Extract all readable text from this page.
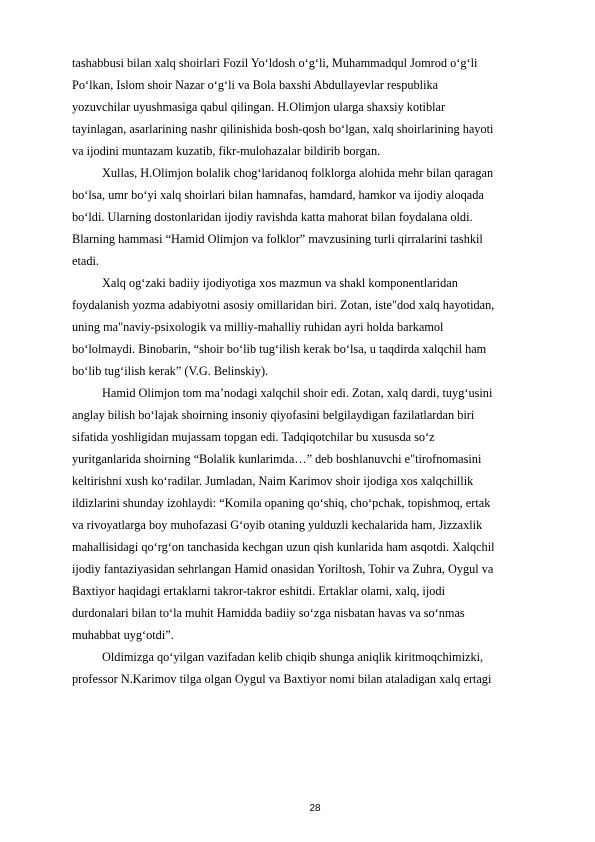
tashabbusi bilan xalq shoirlari Fozil Yo‘ldosh o‘g‘li, Muhammadqul Jomrod o‘g‘li
Po‘lkan, Islom shoir Nazar o‘g‘li va Bola baxshi Abdullayevlar respublika
yozuvchilar uyushmasiga qabul qilingan. H.Olimjon ularga shaxsiy kotiblar
tayinlagan, asarlarining nashr qilinishida bosh-qosh bo‘lgan, xalq shoirlarining hayoti
va ijodini muntazam kuzatib, fikr-mulohazalar bildirib borgan.
Xullas, H.Olimjon bolalik chog‘laridanoq folklorga alohida mehr bilan qaragan
bo‘lsa, umr bo‘yi xalq shoirlari bilan hamnafas, hamdard, hamkor va ijodiy aloqada
bo‘ldi. Ularning dostonlaridan ijodiy ravishda katta mahorat bilan foydalana oldi.
Blarning hammasi “Hamid Olimjon va folklor” mavzusining turli qirralarini tashkil
etadi.
Xalq og‘zaki badiiy ijodiyotiga xos mazmun va shakl komponentlaridan
foydalanish yozma adabiyotni asosiy omillaridan biri. Zotan, iste"dod xalq hayotidan,
uning ma"naviy-psixologik va milliy-mahalliy ruhidan ayri holda barkamol
bo‘lolmaydi. Binobarin, “shoir bo‘lib tug‘ilish kerak bo‘lsa, u taqdirda xalqchil ham
bo‘lib tug‘ilish kerak” (V.G. Belinskiy).
Hamid Olimjon tom ma’nodagi xalqchil shoir edi. Zotan, xalq dardi, tuyg‘usini
anglay bilish bo‘lajak shoirning insoniy qiyofasini belgilaydigan fazilatlardan biri
sifatida yoshligidan mujassam topgan edi. Tadqiqotchilar bu xususda so‘z
yuritganlarida shoirning “Bolalik kunlarimda…” deb boshlanuvchi e"tirofnomasini
keltirishni xush ko‘radilar. Jumladan, Naim Karimov shoir ijodiga xos xalqchillik
ildizlarini shunday izohlaydi: “Komila opaning qo‘shiq, cho‘pchak, topishmoq, ertak
va rivoyatlarga boy muhofazasi G‘oyib otaning yulduzli kechalarida ham, Jizzaxlik
mahallisidagi qo‘rg‘on tanchasida kechgan uzun qish kunlarida ham asqotdi. Xalqchil
ijodiy fantaziyasidan sehrlangan Hamid onasidan Yoriltosh, Tohir va Zuhra, Oygul va
Baxtiyor haqidagi ertaklarni takror-takror eshitdi. Ertaklar olami, xalq, ijodi
durdonalari bilan to‘la muhit Hamidda badiiy so‘zga nisbatan havas va so‘nmas
muhabbat uyg‘otdi”.
Oldimizga qo‘yilgan vazifadan kelib chiqib shunga aniqlik kiritmoqchimizki,
professor N.Karimov tilga olgan Oygul va Baxtiyor nomi bilan ataladigan xalq ertagi
28
